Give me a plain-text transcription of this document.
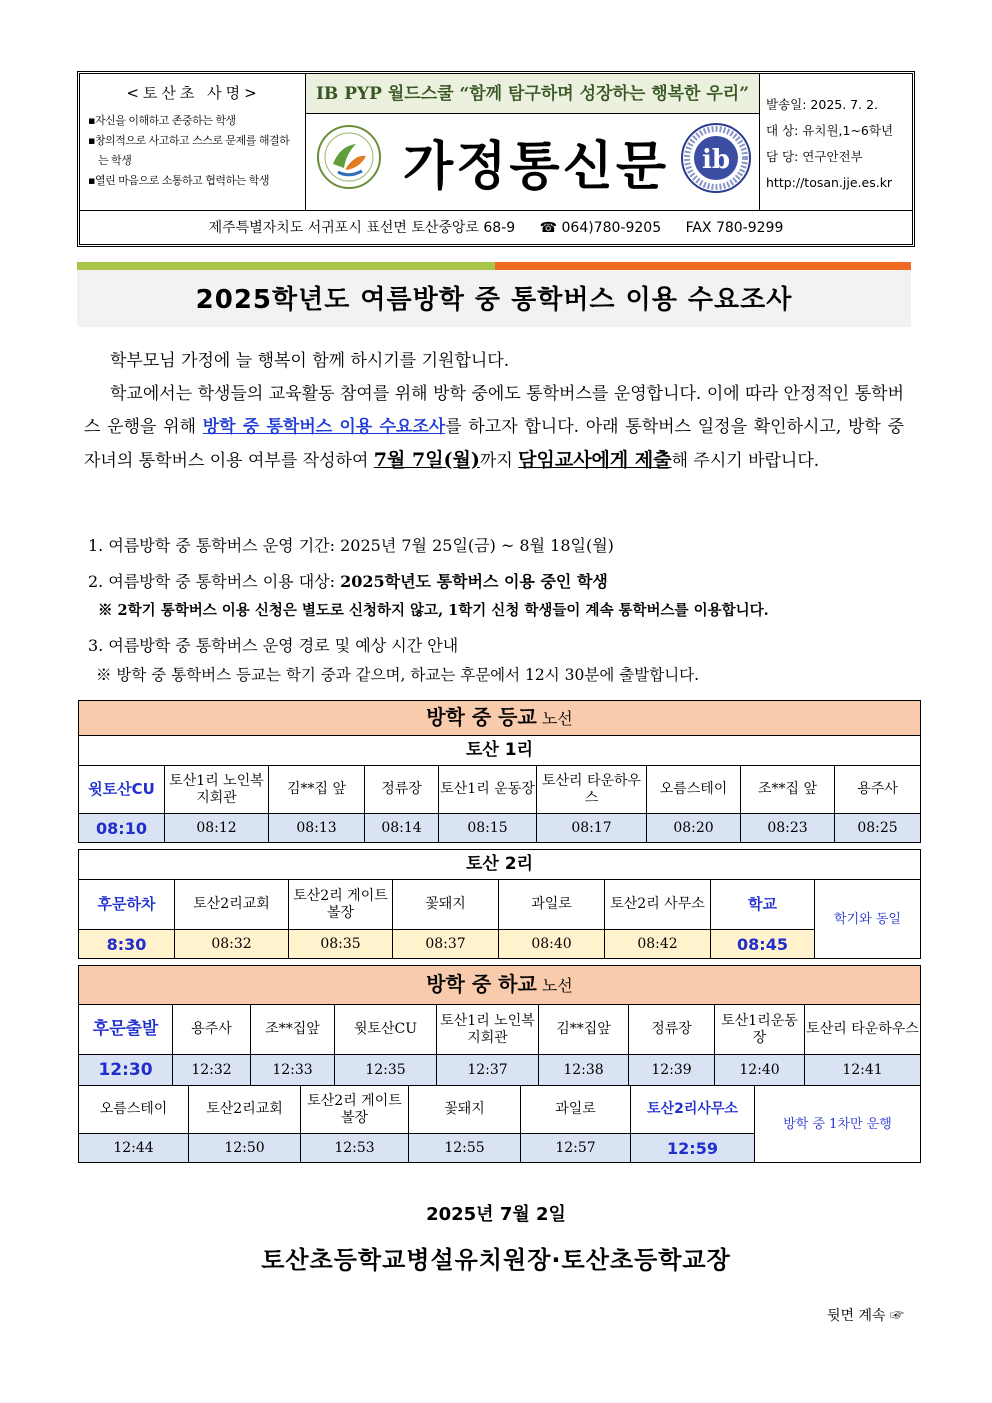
<토산초 사명>
▪자신을 이해하고 존중하는 학생
▪창의적으로 사고하고 스스로 문제를 해결하는 학생
▪열린 마음으로 소통하고 협력하는 학생
IB PYP 월드스쿨 “함께 탐구하며 성장하는 행복한 우리”
가정통신문 ib
발송일: 2025. 7. 2.
대 상: 유치원,1~6학년
담 당: 연구안전부
http://tosan.jje.es.kr
제주특별자치도 서귀포시 표선면 토산중앙로 68-9 ☎ 064)780-9205 FAX 780-9299
2025학년도 여름방학 중 통학버스 이용 수요조사
학부모님 가정에 늘 행복이 함께 하시기를 기원합니다.
학교에서는 학생들의 교육활동 참여를 위해 방학 중에도 통학버스를 운영합니다. 이에 따라 안정적인 통학버스 운행을 위해 방학 중 통학버스 이용 수요조사를 하고자 합니다. 아래 통학버스 일정을 확인하시고, 방학 중 자녀의 통학버스 이용 여부를 작성하여 7월 7일(월)까지 담임교사에게 제출해 주시기 바랍니다.
1. 여름방학 중 통학버스 운영 기간: 2025년 7월 25일(금) ~ 8월 18일(월)
2. 여름방학 중 통학버스 이용 대상: 2025학년도 통학버스 이용 중인 학생
※ 2학기 통학버스 이용 신청은 별도로 신청하지 않고, 1학기 신청 학생들이 계속 통학버스를 이용합니다.
3. 여름방학 중 통학버스 운영 경로 및 예상 시간 안내
※ 방학 중 통학버스 등교는 학기 중과 같으며, 하교는 후문에서 12시 30분에 출발합니다.
방학 중 등교 노선								
토산 1리								
윗토산CU	토산1리 노인복지회관	김**집 앞	정류장	토산1리 운동장	토산리 타운하우스	오름스테이	조**집 앞	용주사
08:10	08:12	08:13	08:14	08:15	08:17	08:20	08:23	08:25
토산 2리							
후문하차	토산2리교회	토산2리 게이트볼장	꽃돼지	과일로	토산2리 사무소	학교	학기와 동일
8:30	08:32	08:35	08:37	08:40	08:42	08:45	
방학 중 하교 노선								
후문출발	용주사	조**집앞	윗토산CU	토산1리 노인복지회관	김**집앞	정류장	토산1리운동장	토산리 타운하우스
12:30	12:32	12:33	12:35	12:37	12:38	12:39	12:40	12:41
오름스테이	토산2리교회	토산2리 게이트볼장	꽃돼지	과일로	토산2리사무소	방학 중 1차만 운행
12:44	12:50	12:53	12:55	12:57	12:59	
2025년 7월 2일
토산초등학교병설유치원장·토산초등학교장
뒷면 계속 ☞
